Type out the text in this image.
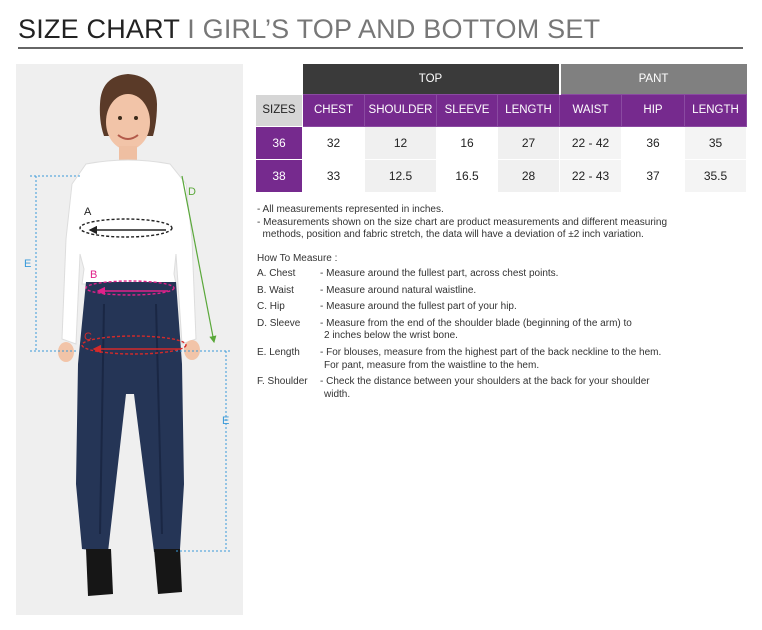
SIZE CHART I GIRL’S TOP AND BOTTOM SET
A
B
C
D
E
E
	TOP				PANT		
SIZES	CHEST	SHOULDER	SLEEVE	LENGTH	WAIST	HIP	LENGTH
36	32	12	16	27	22 - 42	36	35
38	33	12.5	16.5	28	22 - 43	37	35.5
- All measurements represented in inches.
- Measurements shown on the size chart are product measurements and different measuring
methods, position and fabric stretch, the data will have a deviation of ±2 inch variation.
How To Measure :
A. Chest	- Measure around the fullest part, across chest points.
B. Waist	- Measure around natural waistline.
C. Hip	- Measure around the fullest part of your hip.
D. Sleeve	- Measure from the end of the shoulder blade (beginning of the arm) to
2 inches below the wrist bone.
E. Length	- For blouses, measure from the highest part of the back neckline to the hem.
For pant, measure from the waistline to the hem.
F. Shoulder	- Check the distance between your shoulders at the back for your shoulder
width.
